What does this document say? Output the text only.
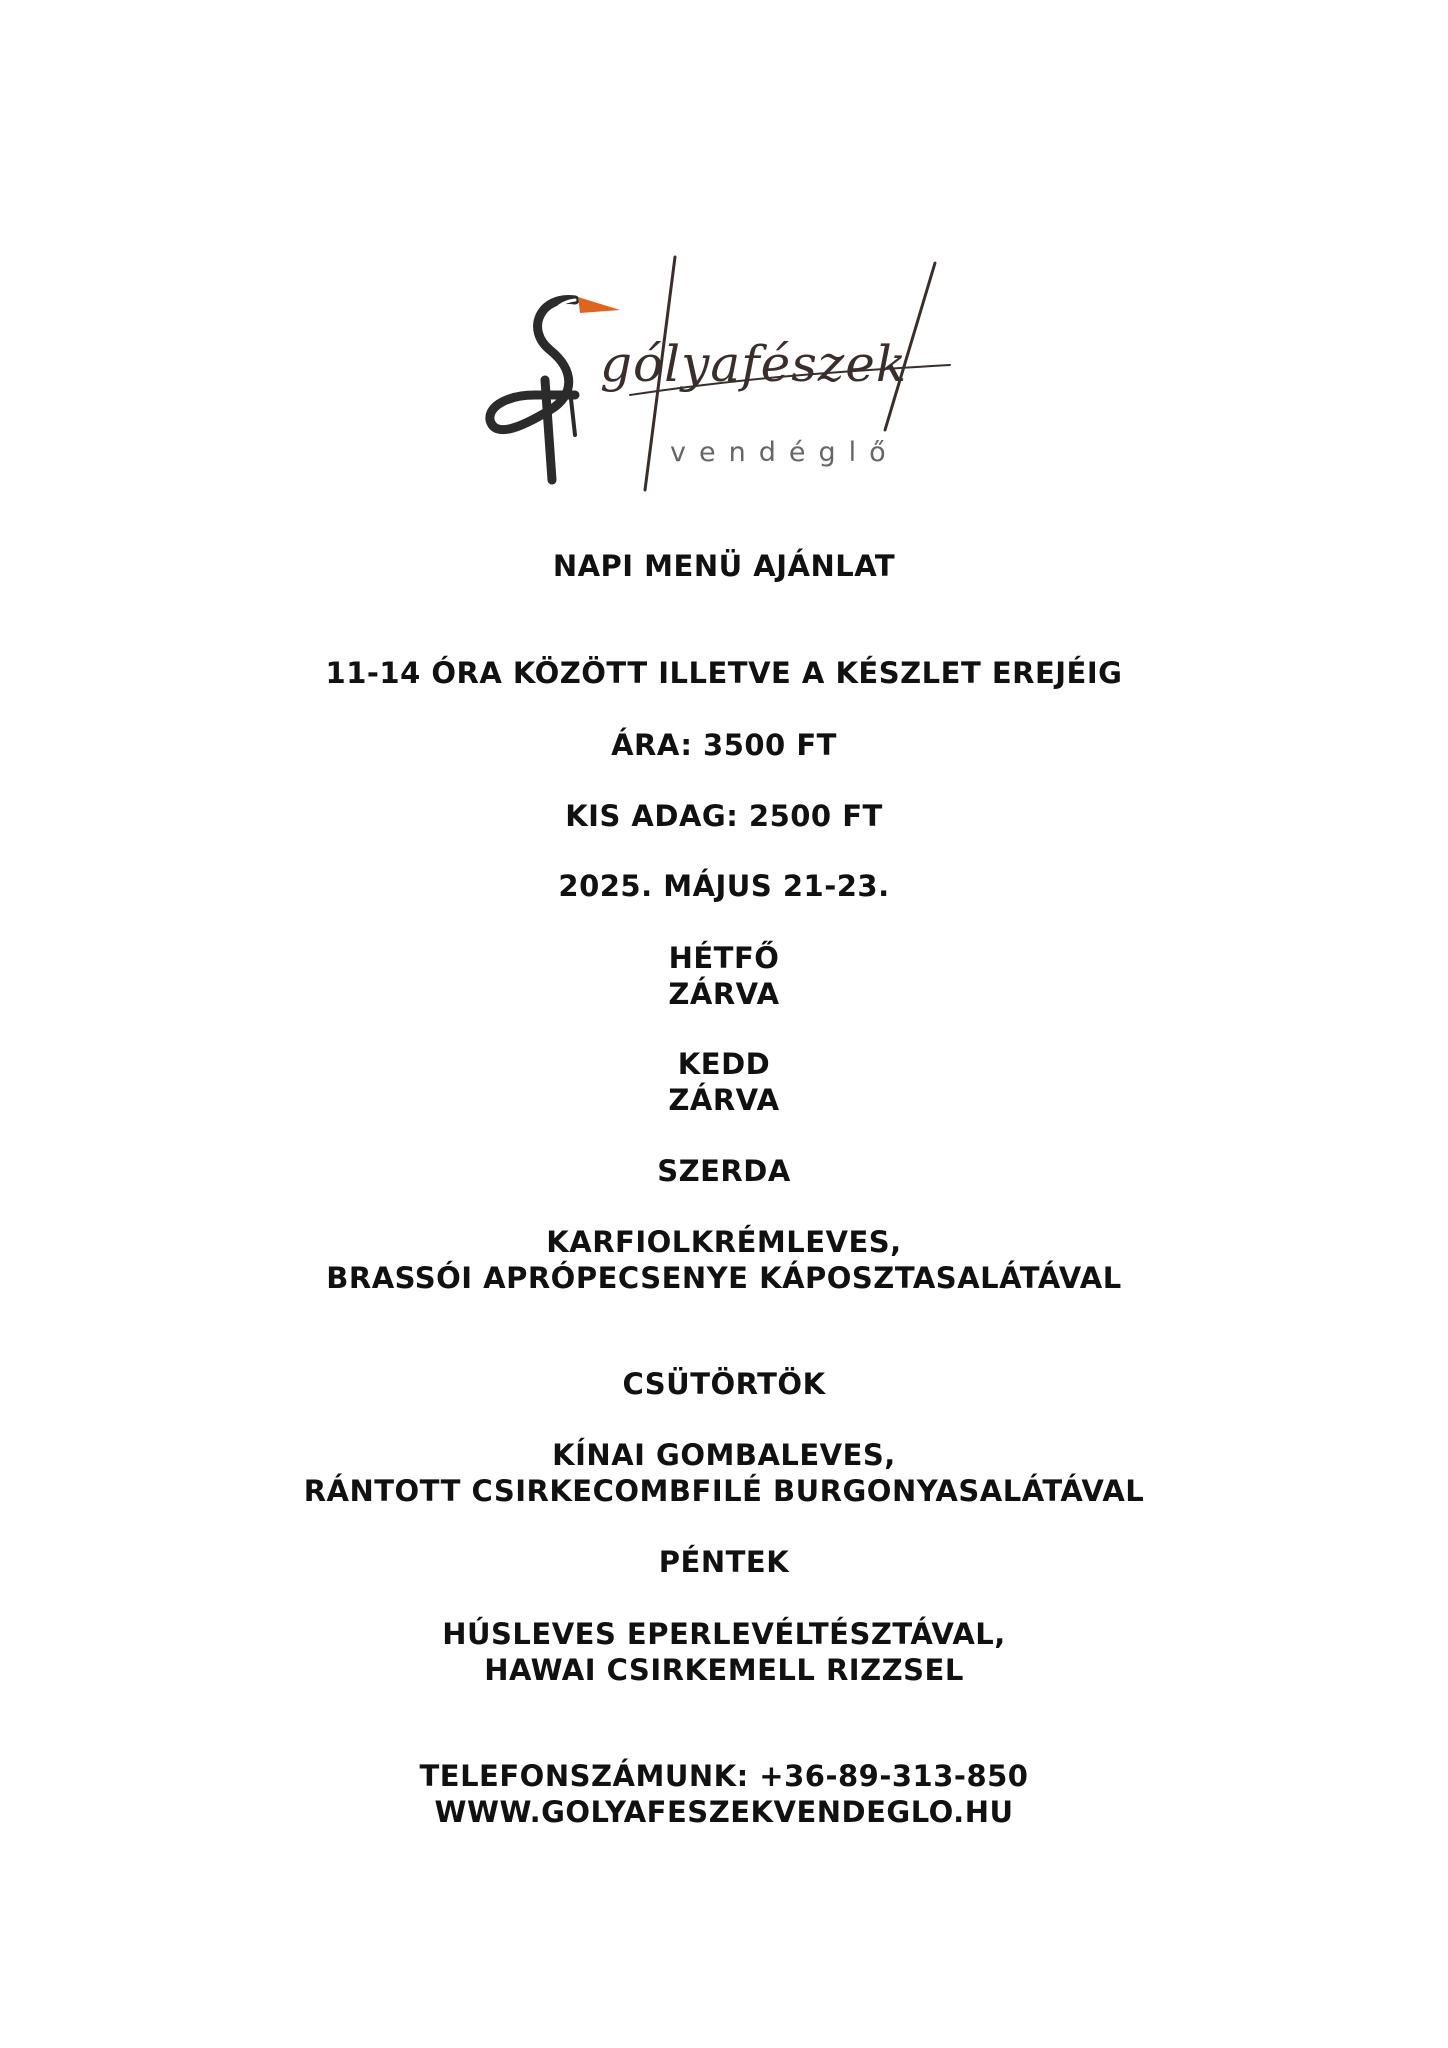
gólyafészek
vendéglő
NAPI MENÜ AJÁNLAT
11-14 ÓRA KÖZÖTT ILLETVE A KÉSZLET EREJÉIG
ÁRA: 3500 FT
KIS ADAG: 2500 FT
2025. MÁJUS 21-23.
HÉTFŐ
ZÁRVA
KEDD
ZÁRVA
SZERDA
KARFIOLKRÉMLEVES,
BRASSÓI APRÓPECSENYE KÁPOSZTASALÁTÁVAL
CSÜTÖRTÖK
KÍNAI GOMBALEVES,
RÁNTOTT CSIRKECOMBFILÉ BURGONYASALÁTÁVAL
PÉNTEK
HÚSLEVES EPERLEVÉLTÉSZTÁVAL,
HAWAI CSIRKEMELL RIZZSEL
TELEFONSZÁMUNK: +36-89-313-850
WWW.GOLYAFESZEKVENDEGLO.HU
